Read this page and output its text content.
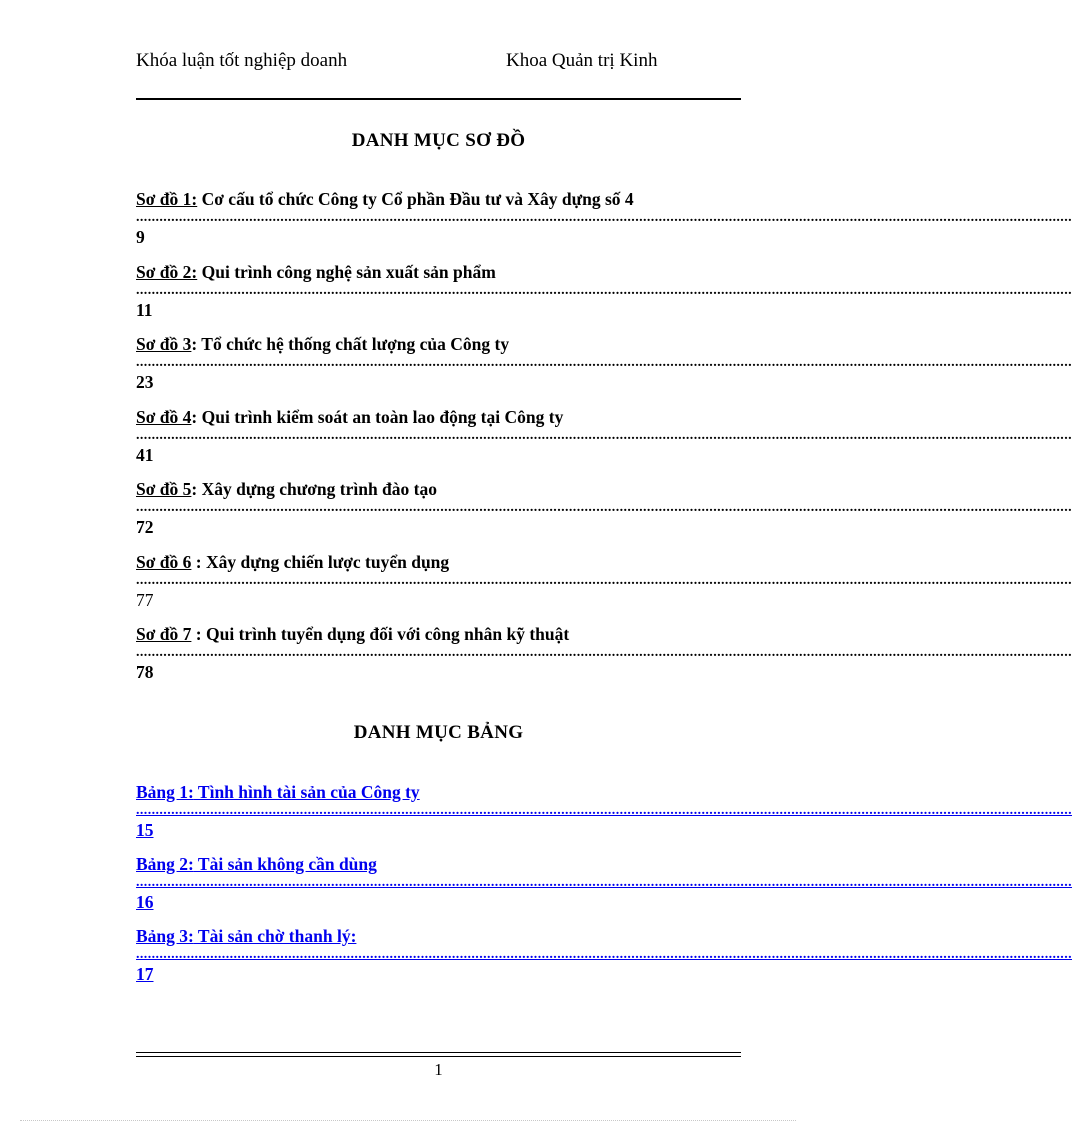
Khóa luận tốt nghiệp doanh	Khoa Quản trị Kinh
DANH MỤC SƠ ĐỒ
Sơ đồ 1: Cơ cấu tổ chức Công ty Cổ phần Đầu tư và Xây dựng số 4
................................................................................................................................................................................................................................................
9
Sơ đồ 2: Qui trình công nghệ sản xuất sản phẩm
................................................................................................................................................................................................................................................
11
Sơ đồ 3: Tổ chức hệ thống chất lượng của Công ty
................................................................................................................................................................................................................................................
23
Sơ đồ 4: Qui trình kiểm soát an toàn lao động tại Công ty
................................................................................................................................................................................................................................................
41
Sơ đồ 5: Xây dựng chương trình đào tạo
................................................................................................................................................................................................................................................
72
Sơ đồ 6 : Xây dựng chiến lược tuyển dụng
................................................................................................................................................................................................................................................
77
Sơ đồ 7 : Qui trình tuyển dụng đối với công nhân kỹ thuật
................................................................................................................................................................................................................................................
78
DANH MỤC BẢNG
Bảng 1: Tình hình tài sản của Công ty
................................................................................................................................................................................................................................................
15
Bảng 2: Tài sản không cần dùng
................................................................................................................................................................................................................................................
16
Bảng 3: Tài sản chờ thanh lý:
................................................................................................................................................................................................................................................
17
1
